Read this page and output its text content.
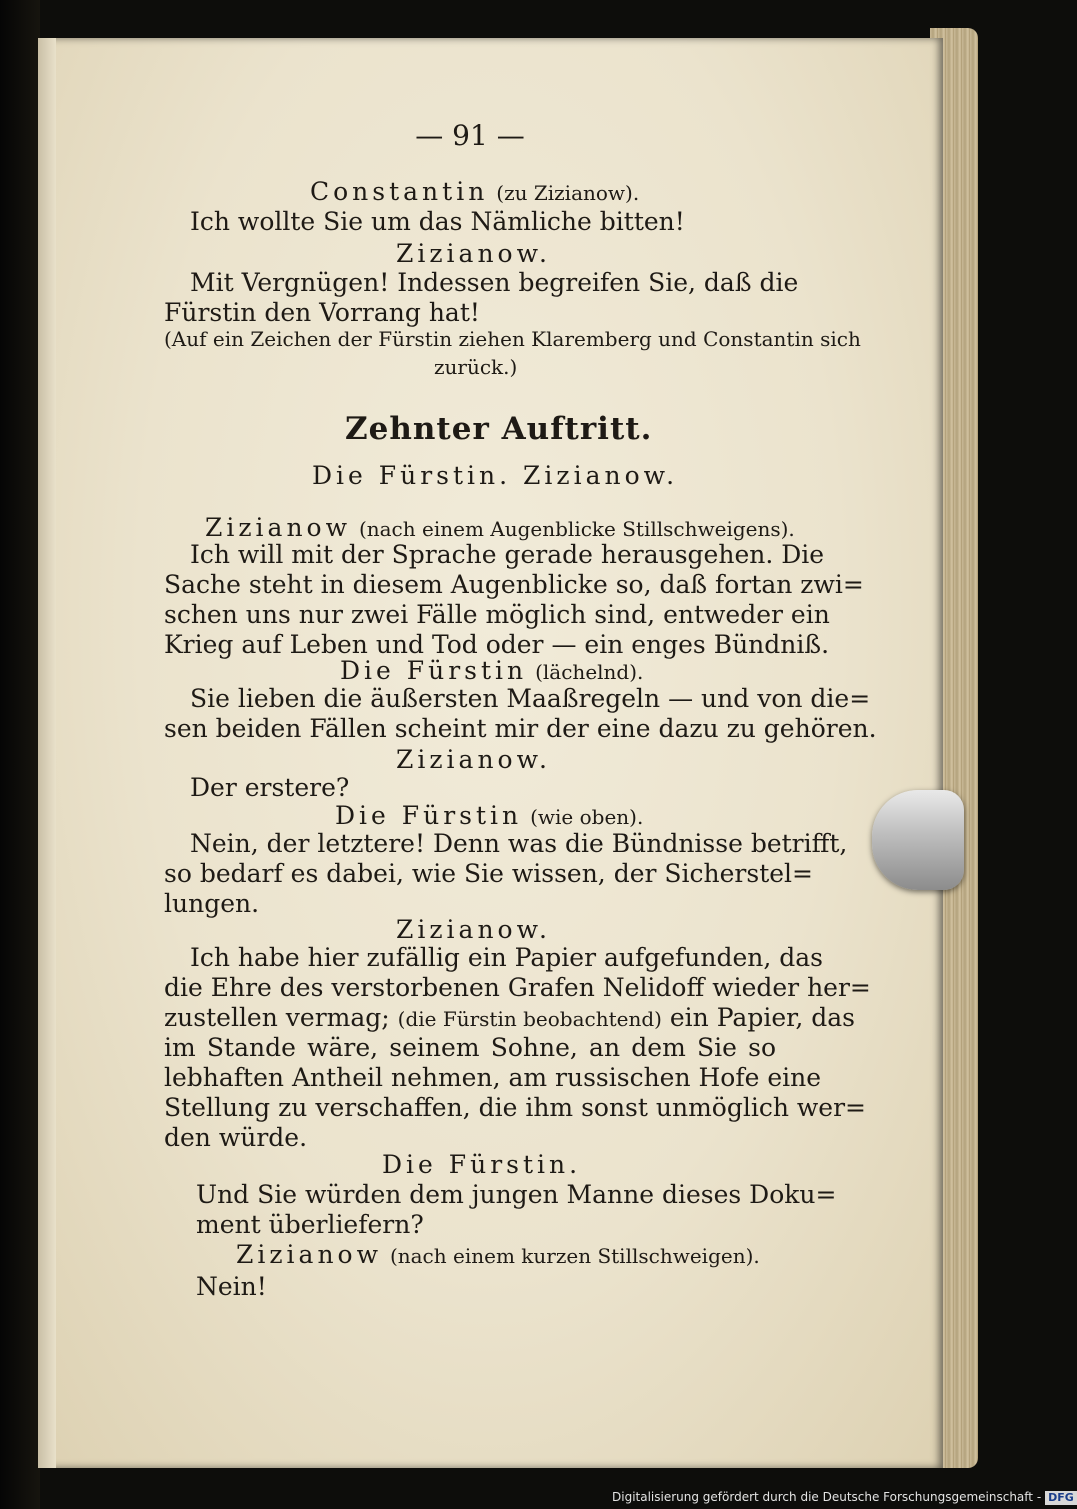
— 91 —
Constantin (zu Zizianow).
Ich wollte Sie um das Nämliche bitten!
Zizianow.
Mit Vergnügen! Indessen begreifen Sie, daß die
Fürstin den Vorrang hat!
(Auf ein Zeichen der Fürstin ziehen Klaremberg und Constantin sich
zurück.)
Zehnter Auftritt.
Die Fürstin. Zizianow.
Zizianow (nach einem Augenblicke Stillschweigens).
Ich will mit der Sprache gerade herausgehen. Die
Sache steht in diesem Augenblicke so, daß fortan zwi=
schen uns nur zwei Fälle möglich sind, entweder ein
Krieg auf Leben und Tod oder — ein enges Bündniß.
Die Fürstin (lächelnd).
Sie lieben die äußersten Maaßregeln — und von die=
sen beiden Fällen scheint mir der eine dazu zu gehören.
Zizianow.
Der erstere?
Die Fürstin (wie oben).
Nein, der letztere! Denn was die Bündnisse betrifft,
so bedarf es dabei, wie Sie wissen, der Sicherstel=
lungen.
Zizianow.
Ich habe hier zufällig ein Papier aufgefunden, das
die Ehre des verstorbenen Grafen Nelidoff wieder her=
zustellen vermag; (die Fürstin beobachtend) ein Papier, das
im Stande wäre, seinem Sohne, an dem Sie so
lebhaften Antheil nehmen, am russischen Hofe eine
Stellung zu verschaffen, die ihm sonst unmöglich wer=
den würde.
Die Fürstin.
Und Sie würden dem jungen Manne dieses Doku=
ment überliefern?
Zizianow (nach einem kurzen Stillschweigen).
Nein!
Digitalisierung gefördert durch die Deutsche Forschungsgemeinschaft - DFG
